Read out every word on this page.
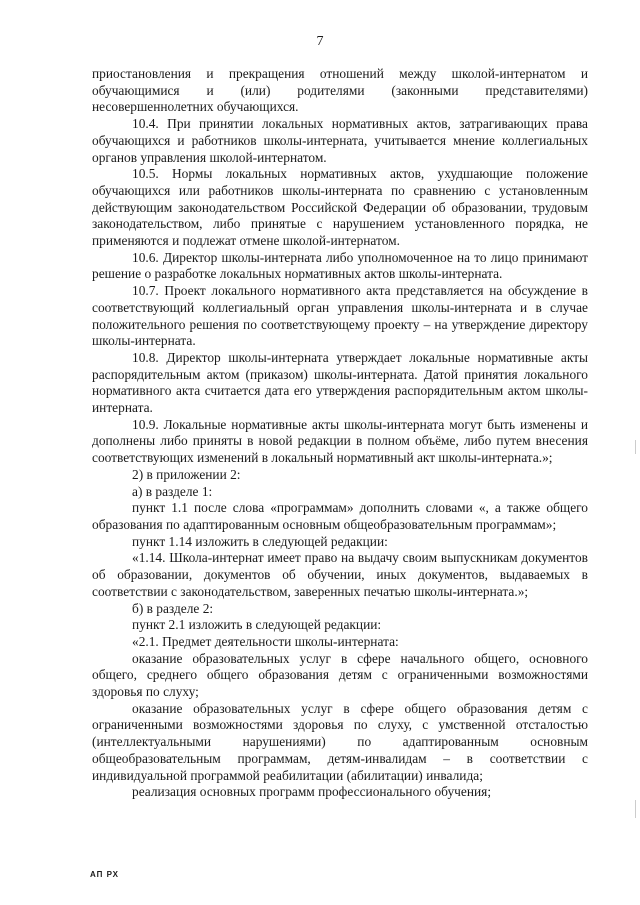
7

приостановления и прекращения отношений между школой-интернатом и обучающимися и (или) родителями (законными представителями) несовершеннолетних обучающихся.

10.4. При принятии локальных нормативных актов, затрагивающих права обучающихся и работников школы-интерната, учитывается мнение коллегиальных органов управления школой-интернатом.

10.5. Нормы локальных нормативных актов, ухудшающие положение обучающихся или работников школы-интерната по сравнению с установленным действующим законодательством Российской Федерации об образовании, трудовым законодательством, либо принятые с нарушением установленного порядка, не применяются и подлежат отмене школой-интернатом.

10.6. Директор школы-интерната либо уполномоченное на то лицо принимают решение о разработке локальных нормативных актов школы-интерната.

10.7. Проект локального нормативного акта представляется на обсуждение в соответствующий коллегиальный орган управления школы-интерната и в случае положительного решения по соответствующему проекту – на утверждение директору школы-интерната.

10.8. Директор школы-интерната утверждает локальные нормативные акты распорядительным актом (приказом) школы-интерната. Датой принятия локального нормативного акта считается дата его утверждения распорядительным актом школы-интерната.

10.9. Локальные нормативные акты школы-интерната могут быть изменены и дополнены либо приняты в новой редакции в полном объёме, либо путем внесения соответствующих изменений в локальный нормативный акт школы-интерната.»;

2) в приложении 2:

а) в разделе 1:

пункт 1.1 после слова «программам» дополнить словами «, а также общего образования по адаптированным основным общеобразовательным программам»;

пункт 1.14 изложить в следующей редакции:

«1.14. Школа-интернат имеет право на выдачу своим выпускникам документов об образовании, документов об обучении, иных документов, выдаваемых в соответствии с законодательством, заверенных печатью школы-интерната.»;

б) в разделе 2:

пункт 2.1 изложить в следующей редакции:

«2.1. Предмет деятельности школы-интерната:

оказание образовательных услуг в сфере начального общего, основного общего, среднего общего образования детям с ограниченными возможностями здоровья по слуху;

оказание образовательных услуг в сфере общего образования детям с ограниченными возможностями здоровья по слуху, с умственной отсталостью (интеллектуальными нарушениями) по адаптированным основным общеобразовательным программам, детям-инвалидам – в соответствии с индивидуальной программой реабилитации (абилитации) инвалида;

реализация основных программ профессионального обучения;

АП РХ
